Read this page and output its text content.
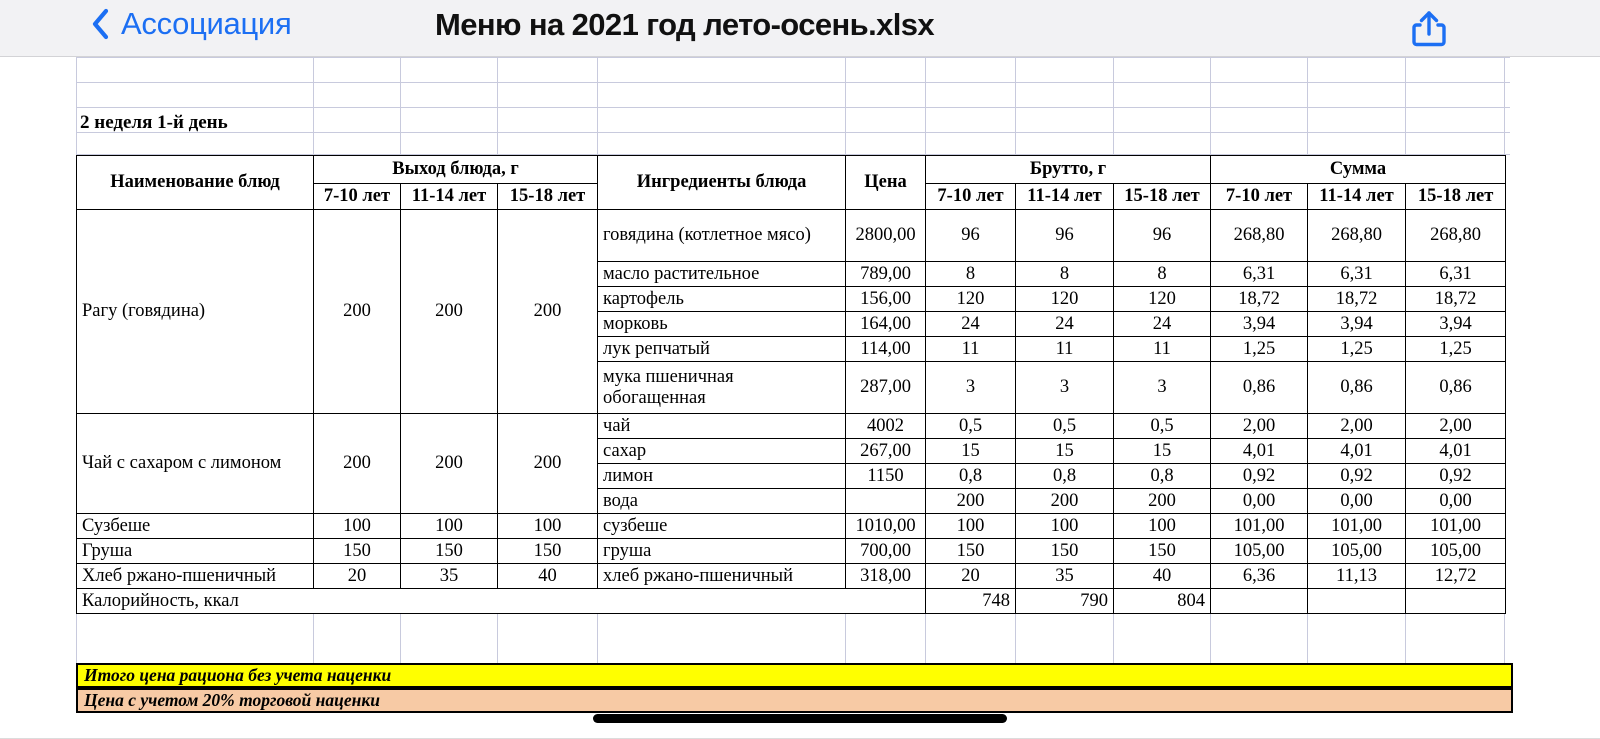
Ассоциация	Меню на 2021 год лето-осень.xlsx
2 неделя 1-й день
Наименование блюд	Выход блюда, г			Ингредиенты блюда	Цена	Брутто, г			Сумма		
	7-10 лет	11-14 лет	15-18 лет			7-10 лет	11-14 лет	15-18 лет	7-10 лет	11-14 лет	15-18 лет
Рагу (говядина)	200	200	200	говядина (котлетное мясо)	2800,00	96	96	96	268,80	268,80	268,80
				масло растительное	789,00	8	8	8	6,31	6,31	6,31
				картофель	156,00	120	120	120	18,72	18,72	18,72
				морковь	164,00	24	24	24	3,94	3,94	3,94
				лук репчатый	114,00	11	11	11	1,25	1,25	1,25
				мука пшеничная обогащенная	287,00	3	3	3	0,86	0,86	0,86
Чай с сахаром с лимоном	200	200	200	чай	4002	0,5	0,5	0,5	2,00	2,00	2,00
				сахар	267,00	15	15	15	4,01	4,01	4,01
				лимон	1150	0,8	0,8	0,8	0,92	0,92	0,92
				вода		200	200	200	0,00	0,00	0,00
Сузбеше	100	100	100	сузбеше	1010,00	100	100	100	101,00	101,00	101,00
Груша	150	150	150	груша	700,00	150	150	150	105,00	105,00	105,00
Хлеб ржано-пшеничный	20	35	40	хлеб ржано-пшеничный	318,00	20	35	40	6,36	11,13	12,72
Калорийность, ккал						748	790	804			
Итого цена рациона без учета наценки
Цена с учетом 20% торговой наценки
